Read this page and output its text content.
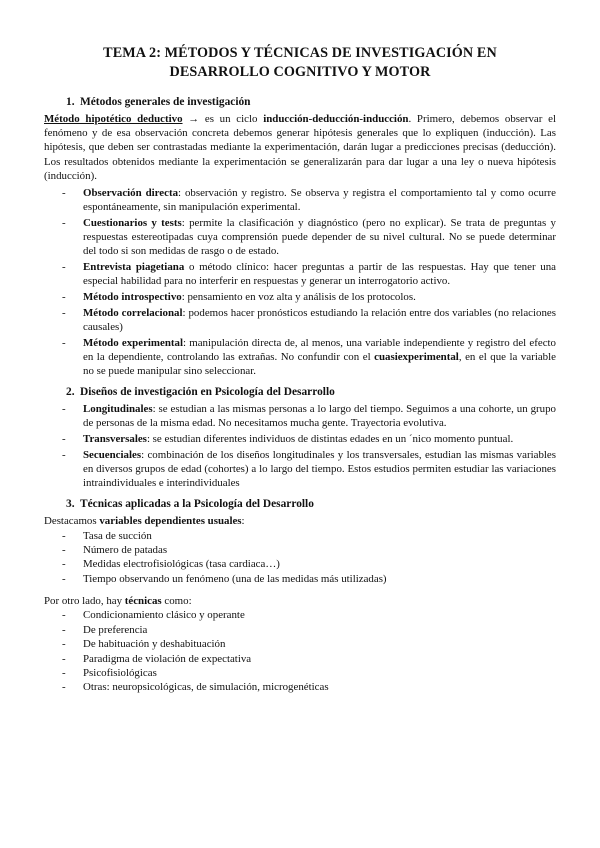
TEMA 2: MÉTODOS Y TÉCNICAS DE INVESTIGACIÓN EN
DESARROLLO COGNITIVO Y MOTOR
1. Métodos generales de investigación

Método hipotético deductivo → es un ciclo inducción-deducción-inducción. Primero, debemos observar el fenómeno y de esa observación concreta debemos generar hipótesis generales que lo expliquen (inducción). Las hipótesis, que deben ser contrastadas mediante la experimentación, darán lugar a predicciones precisas (deducción). Los resultados obtenidos mediante la experimentación se generalizarán para dar lugar a una ley o nueva hipótesis (inducción).

- Observación directa: observación y registro. Se observa y registra el comportamiento tal y como ocurre espontáneamente, sin manipulación experimental.
- Cuestionarios y tests: permite la clasificación y diagnóstico (pero no explicar). Se trata de preguntas y respuestas estereotipadas cuya comprensión puede depender de su nivel cultural. No se puede determinar del todo si son medidas de rasgo o de estado.
- Entrevista piagetiana o método clínico: hacer preguntas a partir de las respuestas. Hay que tener una especial habilidad para no interferir en respuestas y generar un interrogatorio activo.
- Método introspectivo: pensamiento en voz alta y análisis de los protocolos.
- Método correlacional: podemos hacer pronósticos estudiando la relación entre dos variables (no relaciones causales)
- Método experimental: manipulación directa de, al menos, una variable independiente y registro del efecto en la dependiente, controlando las extrañas. No confundir con el cuasiexperimental, en el que la variable no se puede manipular sino seleccionar.
2. Diseños de investigación en Psicología del Desarrollo
- Longitudinales: se estudian a las mismas personas a lo largo del tiempo. Seguimos a una cohorte, un grupo de personas de la misma edad. No necesitamos mucha gente. Trayectoria evolutiva.
- Transversales: se estudian diferentes individuos de distintas edades en un ´nico momento puntual.
- Secuenciales: combinación de los diseños longitudinales y los transversales, estudian las mismas variables en diversos grupos de edad (cohortes) a lo largo del tiempo. Estos estudios permiten estudiar las variaciones intraindividuales e interindividuales
3. Técnicas aplicadas a la Psicología del Desarrollo

Destacamos variables dependientes usuales:

- Tasa de succión
- Número de patadas
- Medidas electrofisiológicas (tasa cardiaca…)
- Tiempo observando un fenómeno (una de las medidas más utilizadas)

Por otro lado, hay técnicas como:

- Condicionamiento clásico y operante
- De preferencia
- De habituación y deshabituación
- Paradigma de violación de expectativa
- Psicofisiológicas
- Otras: neuropsicológicas, de simulación, microgenéticas
